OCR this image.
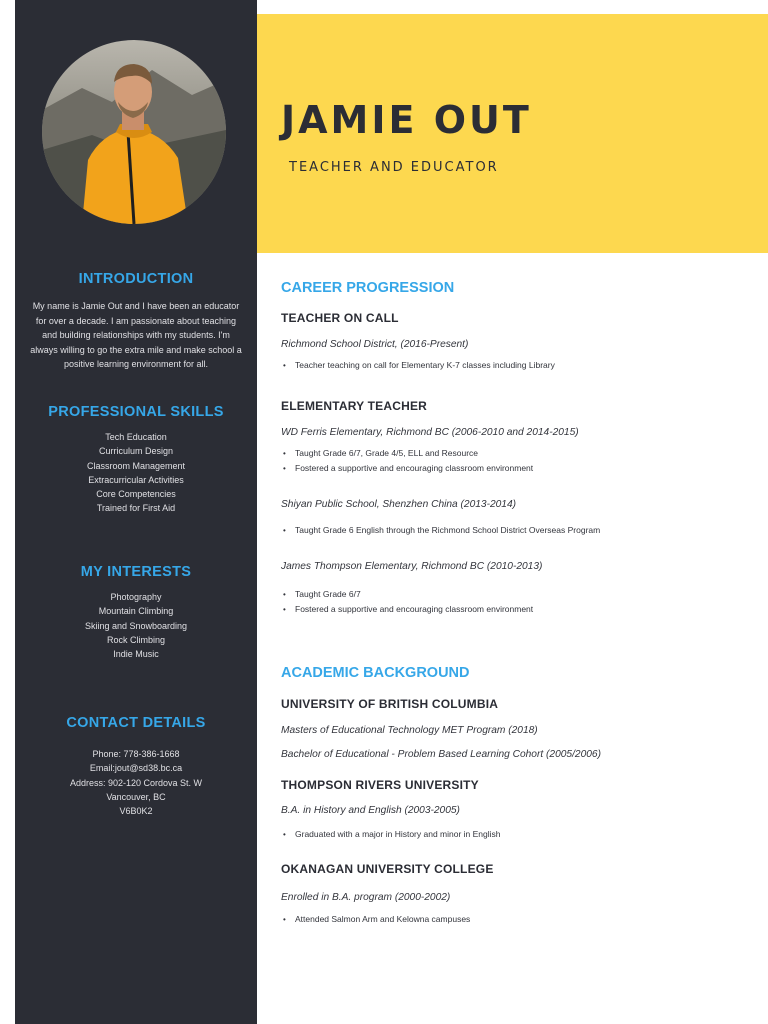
INTRODUCTION
My name is Jamie Out and I have been an educator for over a decade. I am passionate about teaching and building relationships with my students. I'm always willing to go the extra mile and make school a positive learning environment for all.
PROFESSIONAL SKILLS
Tech Education
Curriculum Design
Classroom Management
Extracurricular Activities
Core Competencies
Trained for First Aid
MY INTERESTS
Photography
Mountain Climbing
Skiing and Snowboarding
Rock Climbing
Indie Music
CONTACT DETAILS
Phone: 778-386-1668
Email:jout@sd38.bc.ca
Address: 902-120 Cordova St. W
Vancouver, BC
V6B0K2
JAMIE OUT
TEACHER AND EDUCATOR
CAREER PROGRESSION
TEACHER ON CALL
Richmond School District, (2016-Present)
• Teacher teaching on call for Elementary K-7 classes including Library
ELEMENTARY TEACHER
WD Ferris Elementary, Richmond BC (2006-2010 and 2014-2015)
• Taught Grade 6/7, Grade 4/5, ELL and Resource
• Fostered a supportive and encouraging classroom environment
Shiyan Public School, Shenzhen China (2013-2014)
• Taught Grade 6 English through the Richmond School District Overseas Program
James Thompson Elementary, Richmond BC (2010-2013)
• Taught Grade 6/7
• Fostered a supportive and encouraging classroom environment
ACADEMIC BACKGROUND
UNIVERSITY OF BRITISH COLUMBIA
Masters of Educational Technology MET Program (2018)
Bachelor of Educational - Problem Based Learning Cohort (2005/2006)
THOMPSON RIVERS UNIVERSITY
B.A. in History and English (2003-2005)
• Graduated with a major in History and minor in English
OKANAGAN UNIVERSITY COLLEGE
Enrolled in B.A. program (2000-2002)
• Attended Salmon Arm and Kelowna campuses
